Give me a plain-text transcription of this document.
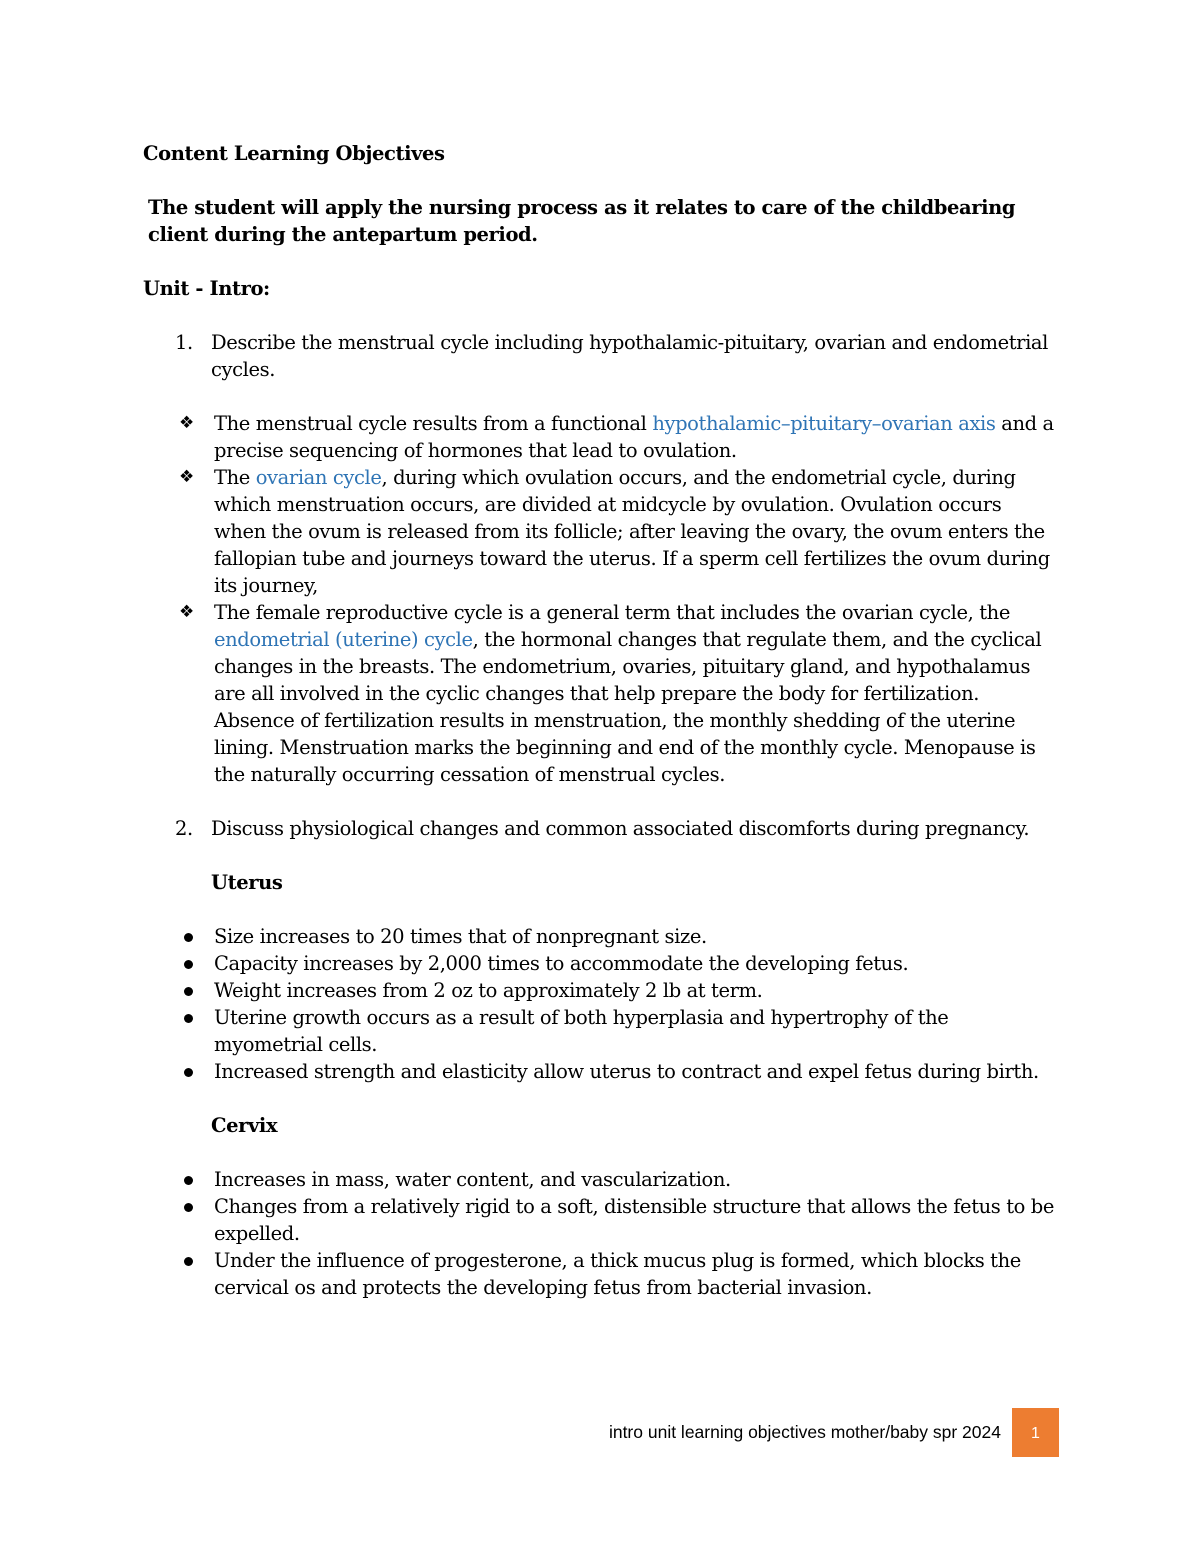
Content Learning Objectives

The student will apply the nursing process as it relates to care of the childbearing client during the antepartum period.

Unit - Intro:

1. Describe the menstrual cycle including hypothalamic-pituitary, ovarian and endometrial cycles.
❖ The menstrual cycle results from a functional hypothalamic–pituitary–ovarian axis and a precise sequencing of hormones that lead to ovulation.
❖ The ovarian cycle, during which ovulation occurs, and the endometrial cycle, during which menstruation occurs, are divided at midcycle by ovulation. Ovulation occurs when the ovum is released from its follicle; after leaving the ovary, the ovum enters the fallopian tube and journeys toward the uterus. If a sperm cell fertilizes the ovum during its journey,
❖ The female reproductive cycle is a general term that includes the ovarian cycle, the endometrial (uterine) cycle, the hormonal changes that regulate them, and the cyclical changes in the breasts. The endometrium, ovaries, pituitary gland, and hypothalamus are all involved in the cyclic changes that help prepare the body for fertilization. Absence of fertilization results in menstruation, the monthly shedding of the uterine lining. Menstruation marks the beginning and end of the monthly cycle. Menopause is the naturally occurring cessation of menstrual cycles.
2. Discuss physiological changes and common associated discomforts during pregnancy.

Uterus

Size increases to 20 times that of nonpregnant size.
Capacity increases by 2,000 times to accommodate the developing fetus.
Weight increases from 2 oz to approximately 2 lb at term.
Uterine growth occurs as a result of both hyperplasia and hypertrophy of the myometrial cells.
Increased strength and elasticity allow uterus to contract and expel fetus during birth.

Cervix

Increases in mass, water content, and vascularization.
Changes from a relatively rigid to a soft, distensible structure that allows the fetus to be expelled.
Under the influence of progesterone, a thick mucus plug is formed, which blocks the cervical os and protects the developing fetus from bacterial invasion.
intro unit learning objectives mother/baby spr 2024	1
